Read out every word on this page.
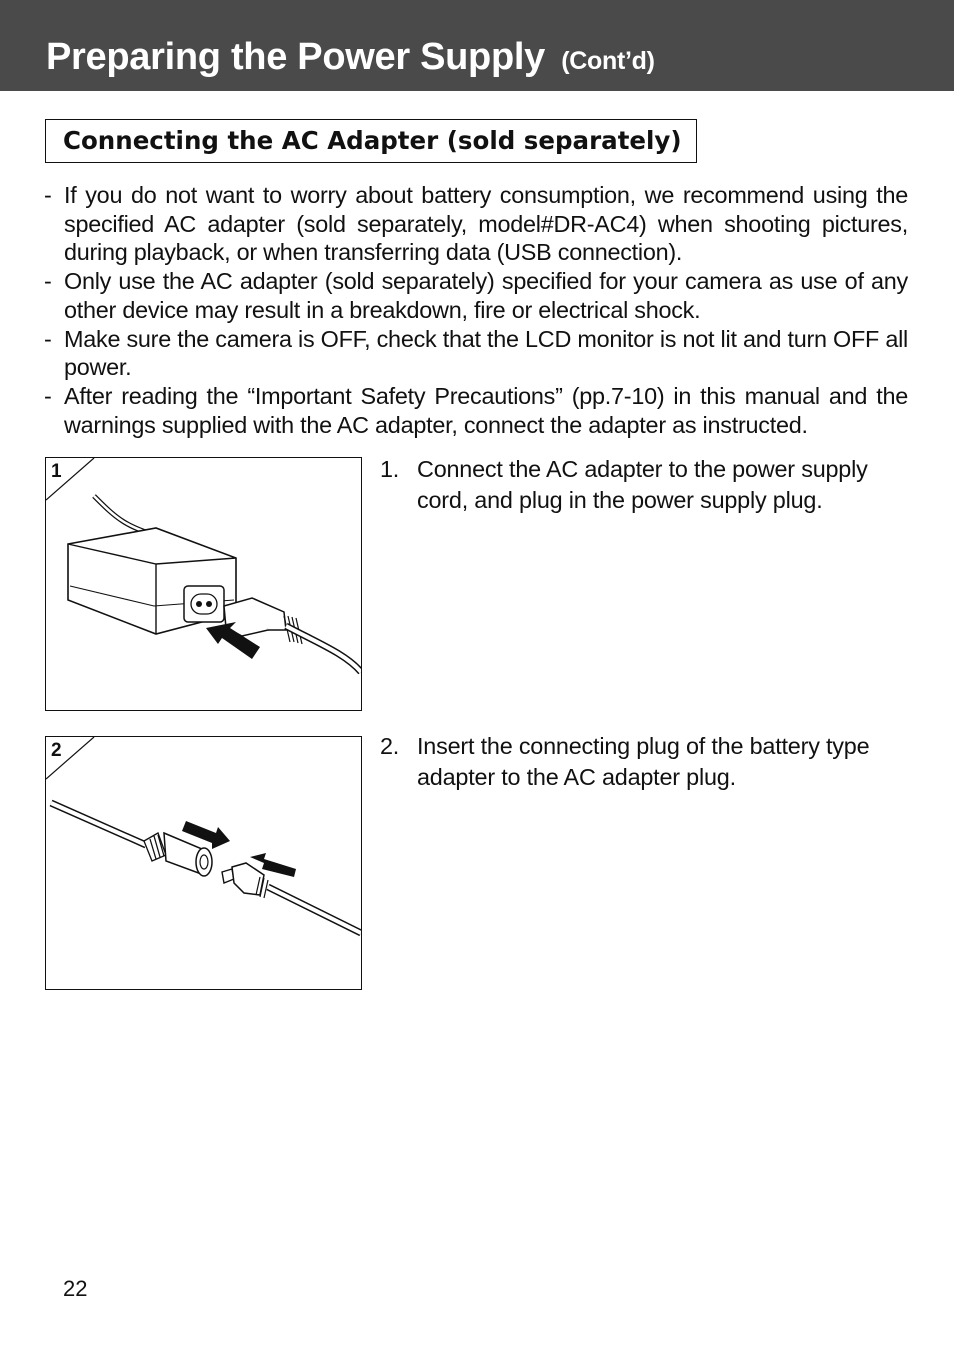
Preparing the Power Supply (Cont’d)
Connecting the AC Adapter (sold separately)
- If you do not want to worry about battery consumption, we recommend using the specified AC adapter (sold separately, model#DR-AC4) when shooting pictures, during playback, or when transferring data (USB connection).
- Only use the AC adapter (sold separately) specified for your camera as use of any other device may result in a breakdown, fire or electrical shock.
- Make sure the camera is OFF, check that the LCD monitor is not lit and turn OFF all power.
- After reading the “Important Safety Precautions” (pp.7-10) in this manual and the warnings supplied with the AC adapter, connect the adapter as instructed.
1	1. Connect the AC adapter to the power supply cord, and plug in the power supply plug.
2	2. Insert the connecting plug of the battery type adapter to the AC adapter plug.
22
